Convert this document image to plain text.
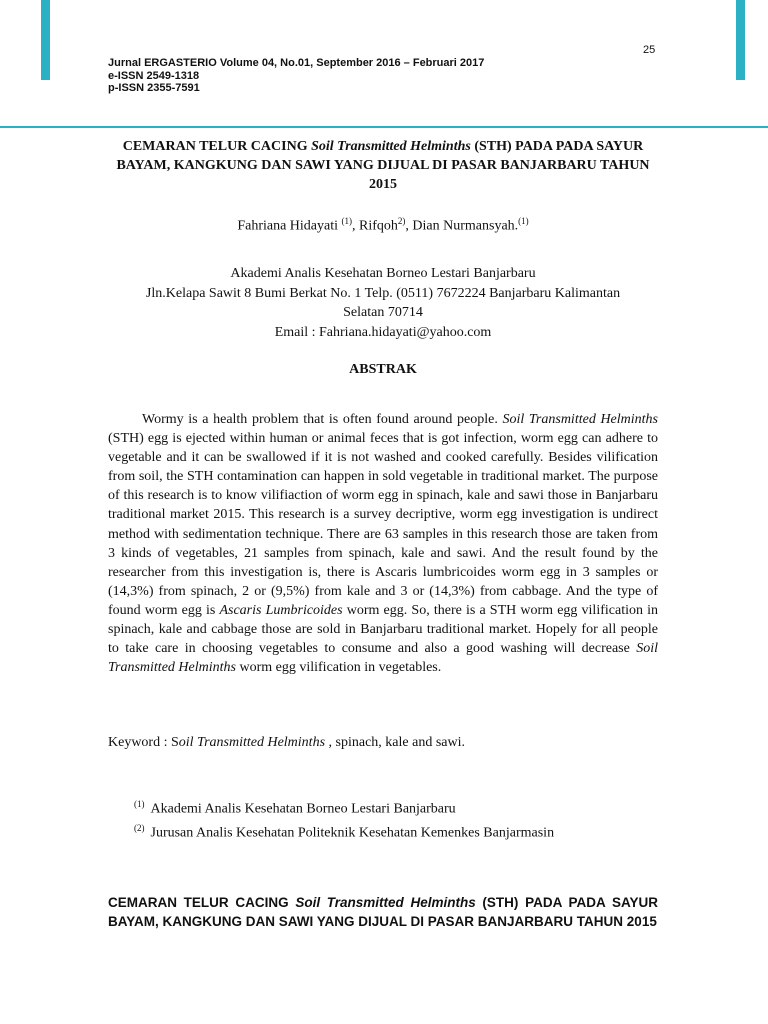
25
Jurnal ERGASTERIO Volume 04, No.01, September 2016 – Februari 2017
e-ISSN 2549-1318
p-ISSN 2355-7591
CEMARAN TELUR CACING Soil Transmitted Helminths (STH) PADA PADA SAYUR BAYAM, KANGKUNG DAN SAWI YANG DIJUAL DI PASAR BANJARBARU TAHUN 2015
Fahriana Hidayati $^{(1)}$, Rifqoh$^{2)}$, Dian Nurmansyah.$^{(1)}$
Akademi Analis Kesehatan Borneo Lestari Banjarbaru
Jln.Kelapa Sawit 8 Bumi Berkat No. 1 Telp. (0511) 7672224 Banjarbaru Kalimantan
Selatan 70714
Email : Fahriana.hidayati@yahoo.com
ABSTRAK

Wormy is a health problem that is often found around people. Soil Transmitted Helminths (STH) egg is ejected within human or animal feces that is got infection, worm egg can adhere to vegetable and it can be swallowed if it is not washed and cooked carefully. Besides vilification from soil, the STH contamination can happen in sold vegetable in traditional market. The purpose of this research is to know vilifiaction of worm egg in spinach, kale and sawi those in Banjarbaru traditional market 2015. This research is a survey decriptive, worm egg investigation is undirect method with sedimentation technique. There are 63 samples in this research those are taken from 3 kinds of vegetables, 21 samples from spinach, kale and sawi. And the result found by the researcher from this investigation is, there is Ascaris lumbricoides worm egg in 3 samples or (14,3%) from spinach, 2 or (9,5%) from kale and 3 or (14,3%) from cabbage. And the type of found worm egg is Ascaris Lumbricoides worm egg. So, there is a STH worm egg vilification in spinach, kale and cabbage those are sold in Banjarbaru traditional market. Hopely for all people to take care in choosing vegetables to consume and also a good washing will decrease Soil Transmitted Helminths worm egg vilification in vegetables.

Keyword : Soil Transmitted Helminths , spinach, kale and sawi.
$^{(1)}$ Akademi Analis Kesehatan Borneo Lestari Banjarbaru
$^{(2)}$ Jurusan Analis Kesehatan Politeknik Kesehatan Kemenkes Banjarmasin

CEMARAN TELUR CACING Soil Transmitted Helminths (STH) PADA PADA SAYUR BAYAM, KANGKUNG DAN SAWI YANG DIJUAL DI PASAR BANJARBARU TAHUN 2015
